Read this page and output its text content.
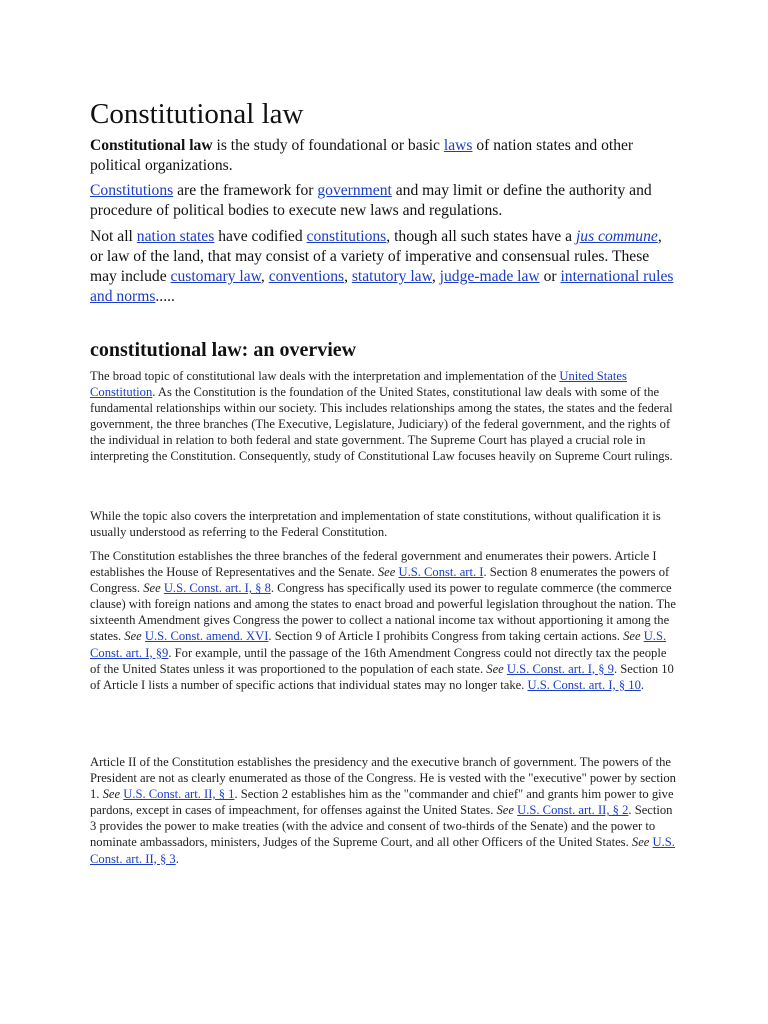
Constitutional law

Constitutional law is the study of foundational or basic laws of nation states and other political organizations.

Constitutions are the framework for government and may limit or define the authority and procedure of political bodies to execute new laws and regulations.

Not all nation states have codified constitutions, though all such states have a jus commune, or law of the land, that may consist of a variety of imperative and consensual rules. These may include customary law, conventions, statutory law, judge-made law or international rules and norms.....

constitutional law: an overview

The broad topic of constitutional law deals with the interpretation and implementation of the United States Constitution. As the Constitution is the foundation of the United States, constitutional law deals with some of the fundamental relationships within our society. This includes relationships among the states, the states and the federal government, the three branches (The Executive, Legislature, Judiciary) of the federal government, and the rights of the individual in relation to both federal and state government. The Supreme Court has played a crucial role in interpreting the Constitution. Consequently, study of Constitutional Law focuses heavily on Supreme Court rulings.

While the topic also covers the interpretation and implementation of state constitutions, without qualification it is usually understood as referring to the Federal Constitution.

The Constitution establishes the three branches of the federal government and enumerates their powers. Article I establishes the House of Representatives and the Senate. See U.S. Const. art. I. Section 8 enumerates the powers of Congress. See U.S. Const. art. I, § 8. Congress has specifically used its power to regulate commerce (the commerce clause) with foreign nations and among the states to enact broad and powerful legislation throughout the nation. The sixteenth Amendment gives Congress the power to collect a national income tax without apportioning it among the states. See U.S. Const. amend. XVI. Section 9 of Article I prohibits Congress from taking certain actions. See U.S. Const. art. I, §9. For example, until the passage of the 16th Amendment Congress could not directly tax the people of the United States unless it was proportioned to the population of each state. See U.S. Const. art. I, § 9. Section 10 of Article I lists a number of specific actions that individual states may no longer take. U.S. Const. art. I, § 10.

Article II of the Constitution establishes the presidency and the executive branch of government. The powers of the President are not as clearly enumerated as those of the Congress. He is vested with the "executive" power by section 1. See U.S. Const. art. II, § 1. Section 2 establishes him as the "commander and chief" and grants him power to give pardons, except in cases of impeachment, for offenses against the United States. See U.S. Const. art. II, § 2. Section 3 provides the power to make treaties (with the advice and consent of two-thirds of the Senate) and the power to nominate ambassadors, ministers, Judges of the Supreme Court, and all other Officers of the United States. See U.S. Const. art. II, § 3.
